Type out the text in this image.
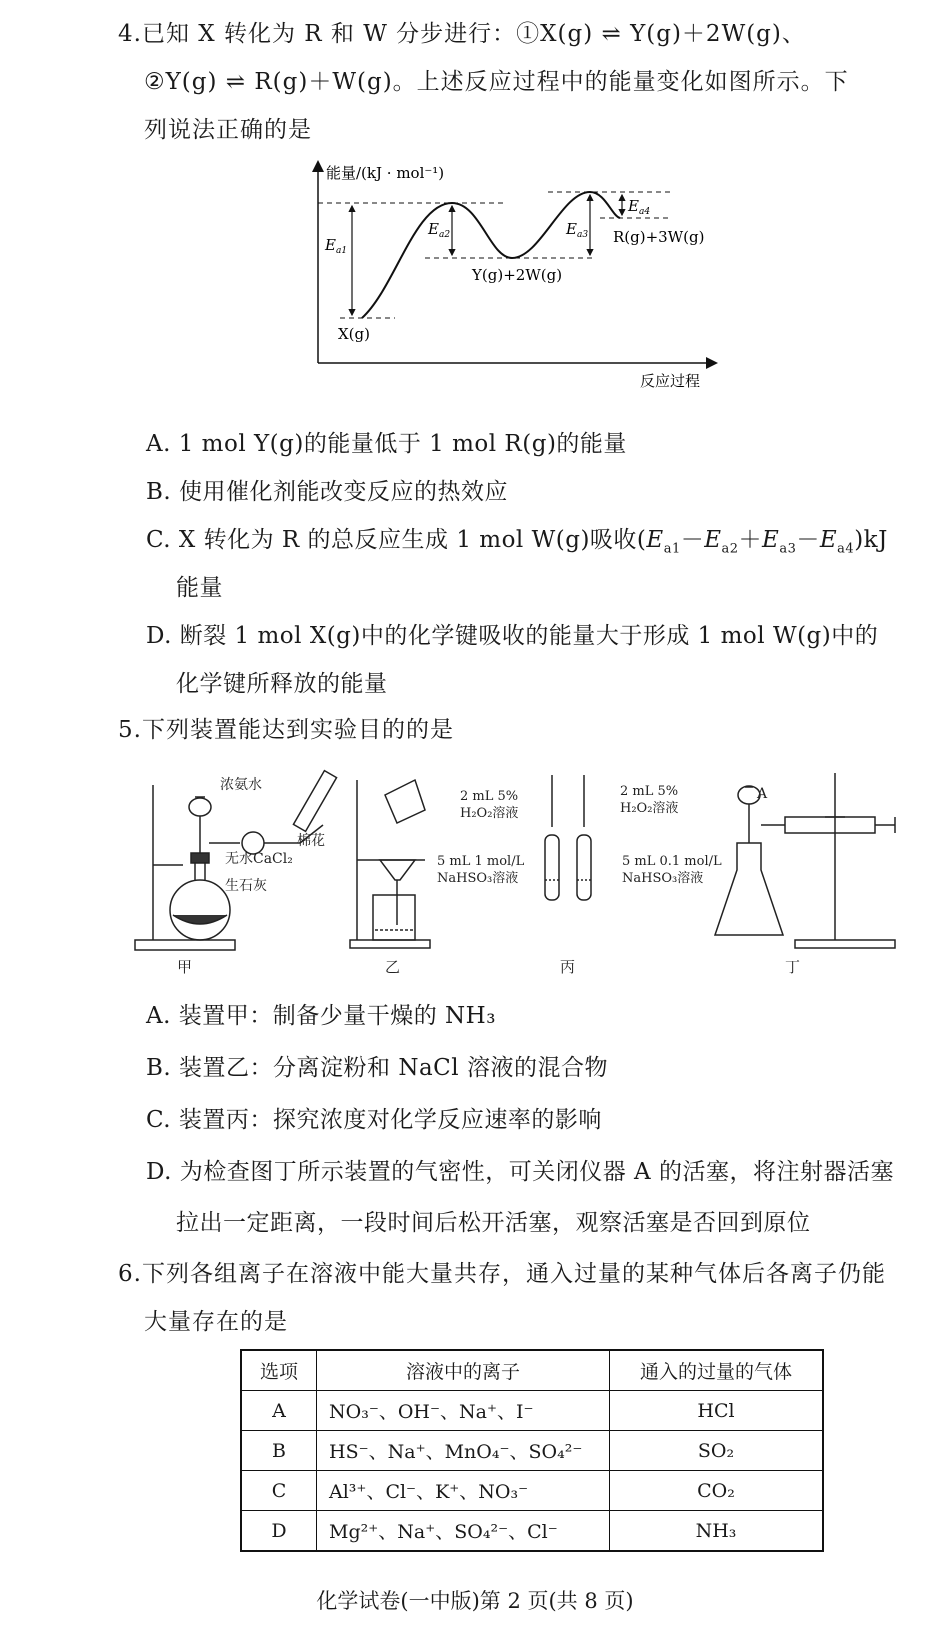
4.已知 X 转化为 R 和 W 分步进行：①X(g) ⇌ Y(g)＋2W(g)、
②Y(g) ⇌ R(g)＋W(g)。上述反应过程中的能量变化如图所示。下
列说法正确的是
能量/(kJ · mol⁻¹)
反应过程
$E_{a1}$
$E_{a2}$	$E_{a3}$
$E_{a4}$
X(g)
Y(g)+2W(g)
R(g)+3W(g)
A. 1 mol Y(g)的能量低于 1 mol R(g)的能量
B. 使用催化剂能改变反应的热效应
C. X 转化为 R 的总反应生成 1 mol W(g)吸收$(E_{a1}-E_{a2}+E_{a3}-E_{a4})kJ$
能量
D. 断裂 1 mol X(g)中的化学键吸收的能量大于形成 1 mol W(g)中的
化学键所释放的能量
5.下列装置能达到实验目的的是
浓氨水
无水CaCl₂
棉花
生石灰
2 mL 5%
H₂O₂溶液
2 mL 5%
H₂O₂溶液
5 mL 1 mol/L
NaHSO₃溶液
5 mL 0.1 mol/L
NaHSO₃溶液
A
甲	乙	丙	丁
A. 装置甲：制备少量干燥的 NH₃
B. 装置乙：分离淀粉和 NaCl 溶液的混合物
C. 装置丙：探究浓度对化学反应速率的影响
D. 为检查图丁所示装置的气密性，可关闭仪器 A 的活塞，将注射器活塞
拉出一定距离，一段时间后松开活塞，观察活塞是否回到原位
6.下列各组离子在溶液中能大量共存，通入过量的某种气体后各离子仍能
大量存在的是
选项	溶液中的离子	通入的过量的气体
A	NO₃⁻、OH⁻、Na⁺、I⁻	HCl
B	HS⁻、Na⁺、MnO₄⁻、SO₄²⁻	SO₂
C	Al³⁺、Cl⁻、K⁺、NO₃⁻	CO₂
D	Mg²⁺、Na⁺、SO₄²⁻、Cl⁻	NH₃
化学试卷(一中版)第 2 页(共 8 页)
